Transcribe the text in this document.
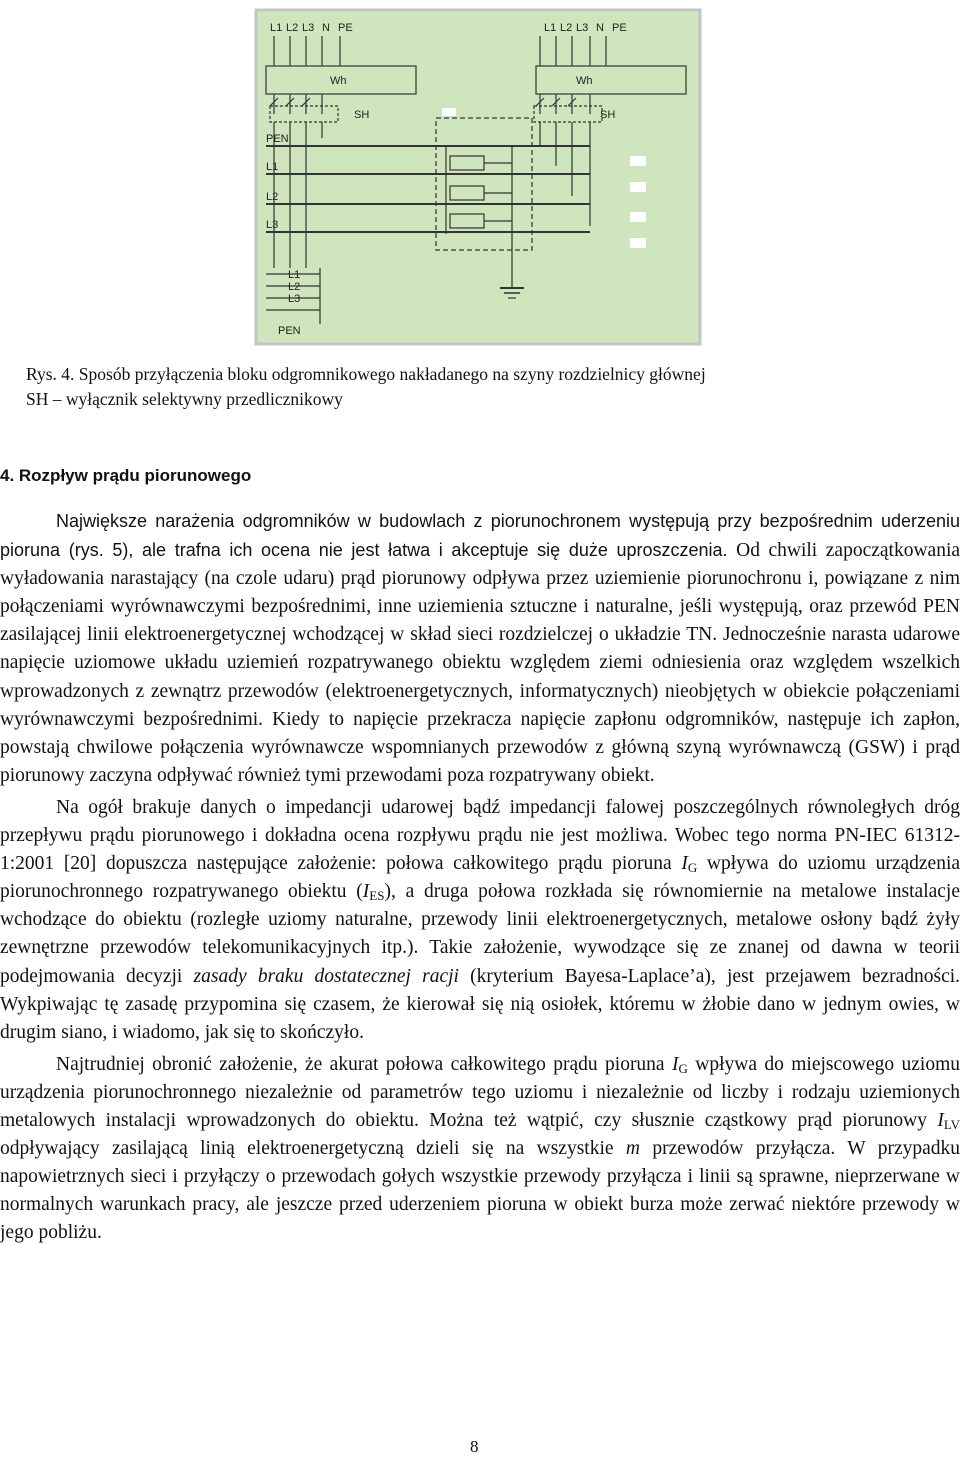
L1 L2 L3 N PE	L1 L2 L3 N PE
Wh	Wh
SH	SH
PEN
L1
L2
L3
L1
L2
L3
PEN
Rys. 4. Sposób przyłączenia bloku odgromnikowego nakładanego na szyny rozdzielnicy głównej
SH – wyłącznik selektywny przedlicznikowy
4. Rozpływ prądu piorunowego

Największe narażenia odgromników w budowlach z piorunochronem występują przy bezpośrednim uderzeniu pioruna (rys. 5), ale trafna ich ocena nie jest łatwa i akceptuje się duże uproszczenia. Od chwili zapoczątkowania wyładowania narastający (na czole udaru) prąd piorunowy odpływa przez uziemienie piorunochronu i, powiązane z nim połączeniami wyrównawczymi bezpośrednimi, inne uziemienia sztuczne i naturalne, jeśli występują, oraz przewód PEN zasilającej linii elektroenergetycznej wchodzącej w skład sieci rozdzielczej o układzie TN. Jednocześnie narasta udarowe napięcie uziomowe układu uziemień rozpatrywanego obiektu względem ziemi odniesienia oraz względem wszelkich wprowadzonych z zewnątrz przewodów (elektroenergetycznych, informatycznych) nieobjętych w obiekcie połączeniami wyrównawczymi bezpośrednimi. Kiedy to napięcie przekracza napięcie zapłonu odgromników, następuje ich zapłon, powstają chwilowe połączenia wyrównawcze wspomnianych przewodów z główną szyną wyrównawczą (GSW) i prąd piorunowy zaczyna odpływać również tymi przewodami poza rozpatrywany obiekt.

Na ogół brakuje danych o impedancji udarowej bądź impedancji falowej poszczególnych równoległych dróg przepływu prądu piorunowego i dokładna ocena rozpływu prądu nie jest możliwa. Wobec tego norma PN-IEC 61312-1:2001 [20] dopuszcza następujące założenie: połowa całkowitego prądu pioruna $I_G$ wpływa do uziomu urządzenia piorunochronnego rozpatrywanego obiektu $(I_{ES})$, a druga połowa rozkłada się równomiernie na metalowe instalacje wchodzące do obiektu (rozległe uziomy naturalne, przewody linii elektroenergetycznych, metalowe osłony bądź żyły zewnętrzne przewodów telekomunikacyjnych itp.). Takie założenie, wywodzące się ze znanej od dawna w teorii podejmowania decyzji zasady braku dostatecznej racji (kryterium Bayesa-Laplace’a), jest przejawem bezradności. Wykpiwając tę zasadę przypomina się czasem, że kierował się nią osiołek, któremu w żłobie dano w jednym owies, w drugim siano, i wiadomo, jak się to skończyło.

Najtrudniej obronić założenie, że akurat połowa całkowitego prądu pioruna $I_G$ wpływa do miejscowego uziomu urządzenia piorunochronnego niezależnie od parametrów tego uziomu i niezależnie od liczby i rodzaju uziemionych metalowych instalacji wprowadzonych do obiektu. Można też wątpić, czy słusznie cząstkowy prąd piorunowy $I_{LV}$ odpływający zasilającą linią elektroenergetyczną dzieli się na wszystkie m przewodów przyłącza. W przypadku napowietrznych sieci i przyłączy o przewodach gołych wszystkie przewody przyłącza i linii są sprawne, nieprzerwane w normalnych warunkach pracy, ale jeszcze przed uderzeniem pioruna w obiekt burza może zerwać niektóre przewody w jego pobliżu.

8
